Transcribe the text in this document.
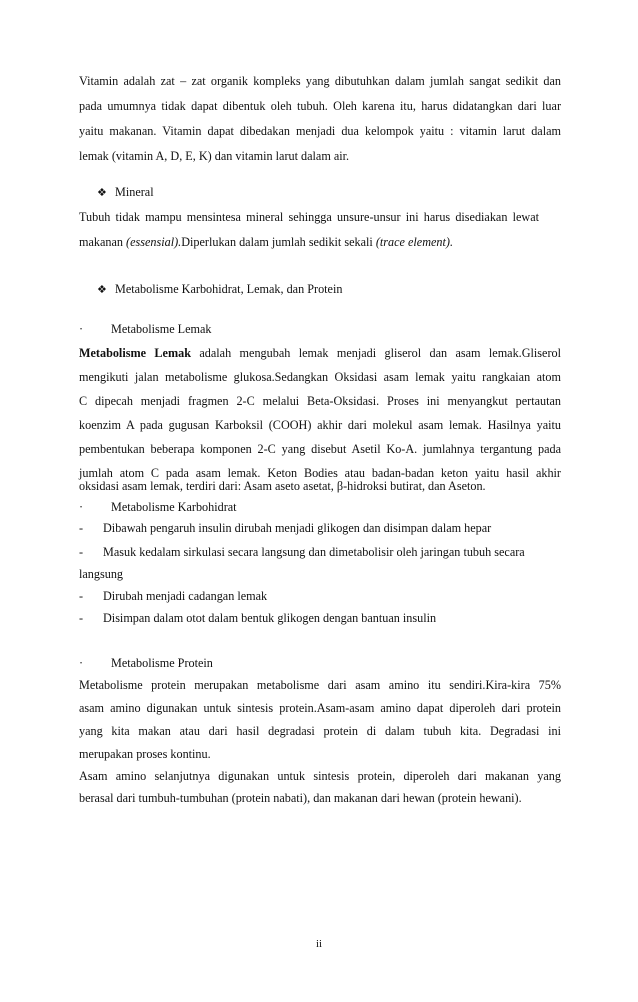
Vitamin adalah zat – zat organik kompleks yang dibutuhkan dalam jumlah sangat sedikit dan
pada umumnya tidak dapat dibentuk oleh tubuh. Oleh karena itu, harus didatangkan dari luar
yaitu makanan. Vitamin dapat dibedakan menjadi dua kelompok yaitu : vitamin larut dalam
lemak (vitamin A, D, E, K) dan vitamin larut dalam air.
❖ Mineral
Tubuh tidak mampu mensintesa mineral sehingga unsure-unsur ini harus disediakan lewat
makanan (essensial).Diperlukan dalam jumlah sedikit sekali (trace element).
❖ Metabolisme Karbohidrat, Lemak, dan Protein
· Metabolisme Lemak
Metabolisme Lemak adalah mengubah lemak menjadi gliserol dan asam lemak.Gliserol
mengikuti jalan metabolisme glukosa.Sedangkan Oksidasi asam lemak yaitu rangkaian atom
C dipecah menjadi fragmen 2-C melalui Beta-Oksidasi. Proses ini menyangkut pertautan
koenzim A pada gugusan Karboksil (COOH) akhir dari molekul asam lemak. Hasilnya yaitu
pembentukan beberapa komponen 2-C yang disebut Asetil Ko-A. jumlahnya tergantung pada
jumlah atom C pada asam lemak. Keton Bodies atau badan-badan keton yaitu hasil akhir
oksidasi asam lemak, terdiri dari: Asam aseto asetat, β-hidroksi butirat, dan Aseton.
· Metabolisme Karbohidrat
- Dibawah pengaruh insulin dirubah menjadi glikogen dan disimpan dalam hepar
- Masuk kedalam sirkulasi secara langsung dan dimetabolisir oleh jaringan tubuh secara
langsung
- Dirubah menjadi cadangan lemak
- Disimpan dalam otot dalam bentuk glikogen dengan bantuan insulin
· Metabolisme Protein
Metabolisme protein merupakan metabolisme dari asam amino itu sendiri.Kira-kira 75%
asam amino digunakan untuk sintesis protein.Asam-asam amino dapat diperoleh dari protein
yang kita makan atau dari hasil degradasi protein di dalam tubuh kita. Degradasi ini
merupakan proses kontinu.
Asam amino selanjutnya digunakan untuk sintesis protein, diperoleh dari makanan yang
berasal dari tumbuh-tumbuhan (protein nabati), dan makanan dari hewan (protein hewani).
ii
